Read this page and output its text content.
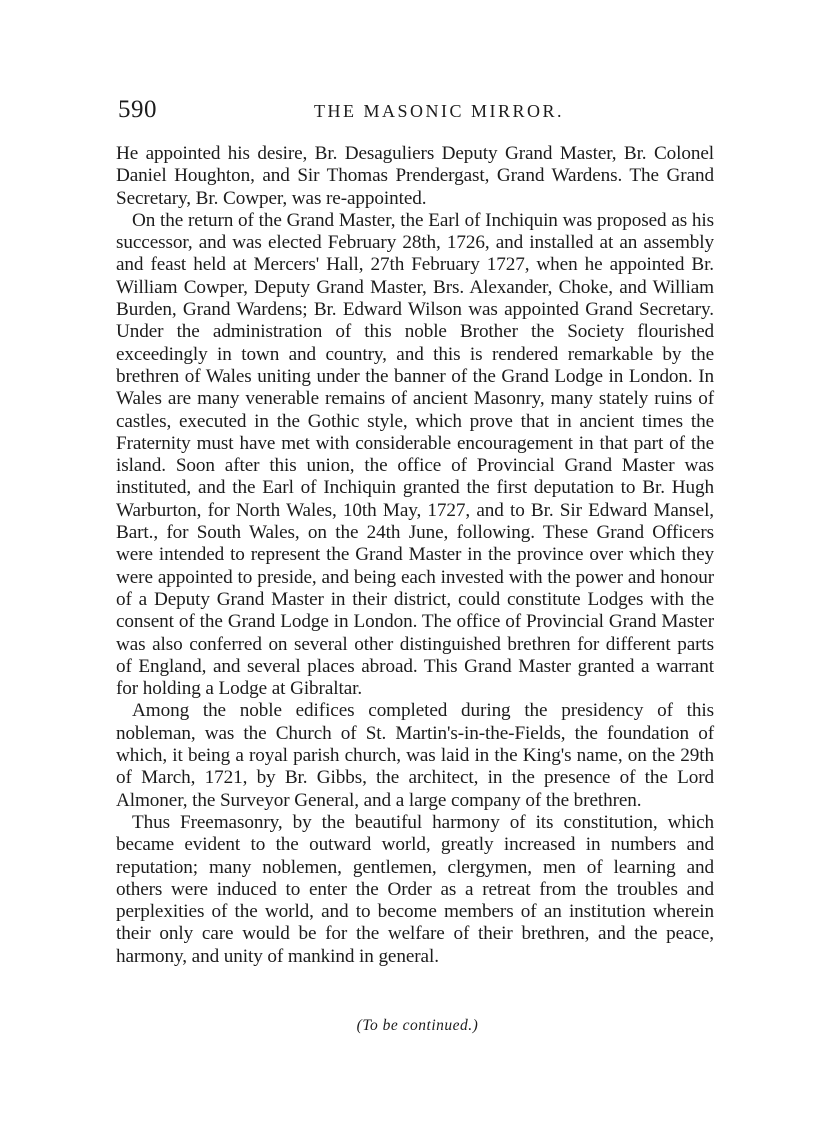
590	THE MASONIC MIRROR.

He appointed his desire, Br. Desaguliers Deputy Grand Master, Br. Colonel Daniel Houghton, and Sir Thomas Prendergast, Grand Wardens. The Grand Secretary, Br. Cowper, was re-appointed.

On the return of the Grand Master, the Earl of Inchiquin was proposed as his successor, and was elected February 28th, 1726, and installed at an assembly and feast held at Mercers' Hall, 27th February 1727, when he appointed Br. William Cowper, Deputy Grand Master, Brs. Alexander, Choke, and William Burden, Grand Wardens; Br. Edward Wilson was appointed Grand Secretary. Under the administration of this noble Brother the Society flourished exceedingly in town and country, and this is rendered remarkable by the brethren of Wales uniting under the banner of the Grand Lodge in London. In Wales are many venerable remains of ancient Masonry, many stately ruins of castles, executed in the Gothic style, which prove that in ancient times the Fraternity must have met with considerable encouragement in that part of the island. Soon after this union, the office of Provincial Grand Master was instituted, and the Earl of Inchiquin granted the first deputation to Br. Hugh Warburton, for North Wales, 10th May, 1727, and to Br. Sir Edward Mansel, Bart., for South Wales, on the 24th June, following. These Grand Officers were intended to represent the Grand Master in the province over which they were appointed to preside, and being each invested with the power and honour of a Deputy Grand Master in their district, could constitute Lodges with the consent of the Grand Lodge in London. The office of Provincial Grand Master was also conferred on several other distinguished brethren for different parts of England, and several places abroad. This Grand Master granted a warrant for holding a Lodge at Gibraltar.

Among the noble edifices completed during the presidency of this nobleman, was the Church of St. Martin's-in-the-Fields, the foundation of which, it being a royal parish church, was laid in the King's name, on the 29th of March, 1721, by Br. Gibbs, the architect, in the presence of the Lord Almoner, the Surveyor General, and a large company of the brethren.

Thus Freemasonry, by the beautiful harmony of its constitution, which became evident to the outward world, greatly increased in numbers and reputation; many noblemen, gentlemen, clergymen, men of learning and others were induced to enter the Order as a retreat from the troubles and perplexities of the world, and to become members of an institution wherein their only care would be for the welfare of their brethren, and the peace, harmony, and unity of mankind in general.

(To be continued.)
